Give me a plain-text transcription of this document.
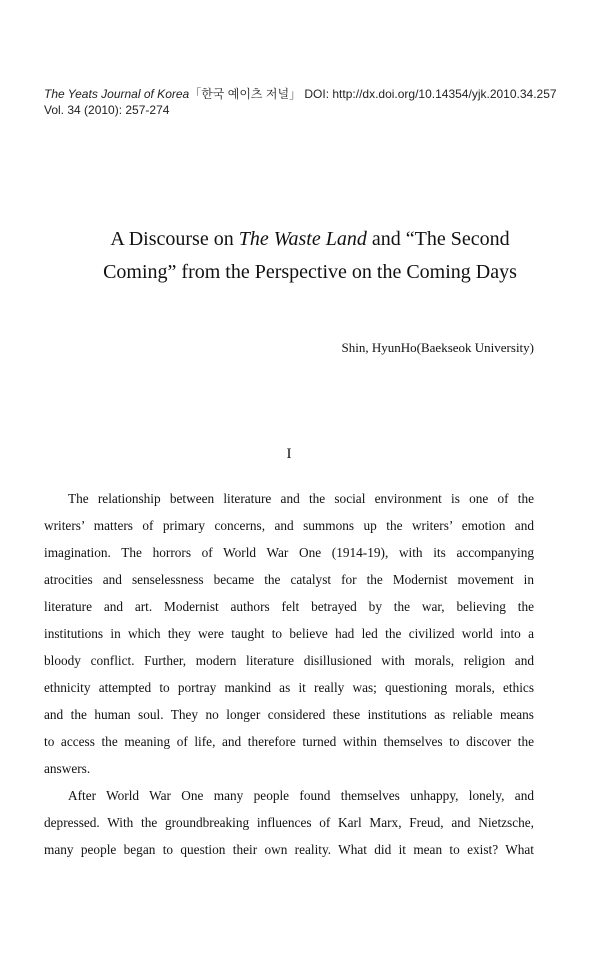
The Yeats Journal of Korea「한국 예이츠 저널」 DOI: http://dx.doi.org/10.14354/yjk.2010.34.257
Vol. 34 (2010): 257-274
A Discourse on The Waste Land and “The Second
Coming” from the Perspective on the Coming Days
Shin, HyunHo(Baekseok University)
I
The relationship between literature and the social environment is one of the
writers’ matters of primary concerns, and summons up the writers’ emotion and
imagination. The horrors of World War One (1914-19), with its accompanying
atrocities and senselessness became the catalyst for the Modernist movement in
literature and art. Modernist authors felt betrayed by the war, believing the
institutions in which they were taught to believe had led the civilized world into a
bloody conflict. Further, modern literature disillusioned with morals, religion and
ethnicity attempted to portray mankind as it really was; questioning morals, ethics
and the human soul. They no longer considered these institutions as reliable means
to access the meaning of life, and therefore turned within themselves to discover the
answers.
After World War One many people found themselves unhappy, lonely, and
depressed. With the groundbreaking influences of Karl Marx, Freud, and Nietzsche,
many people began to question their own reality. What did it mean to exist? What
